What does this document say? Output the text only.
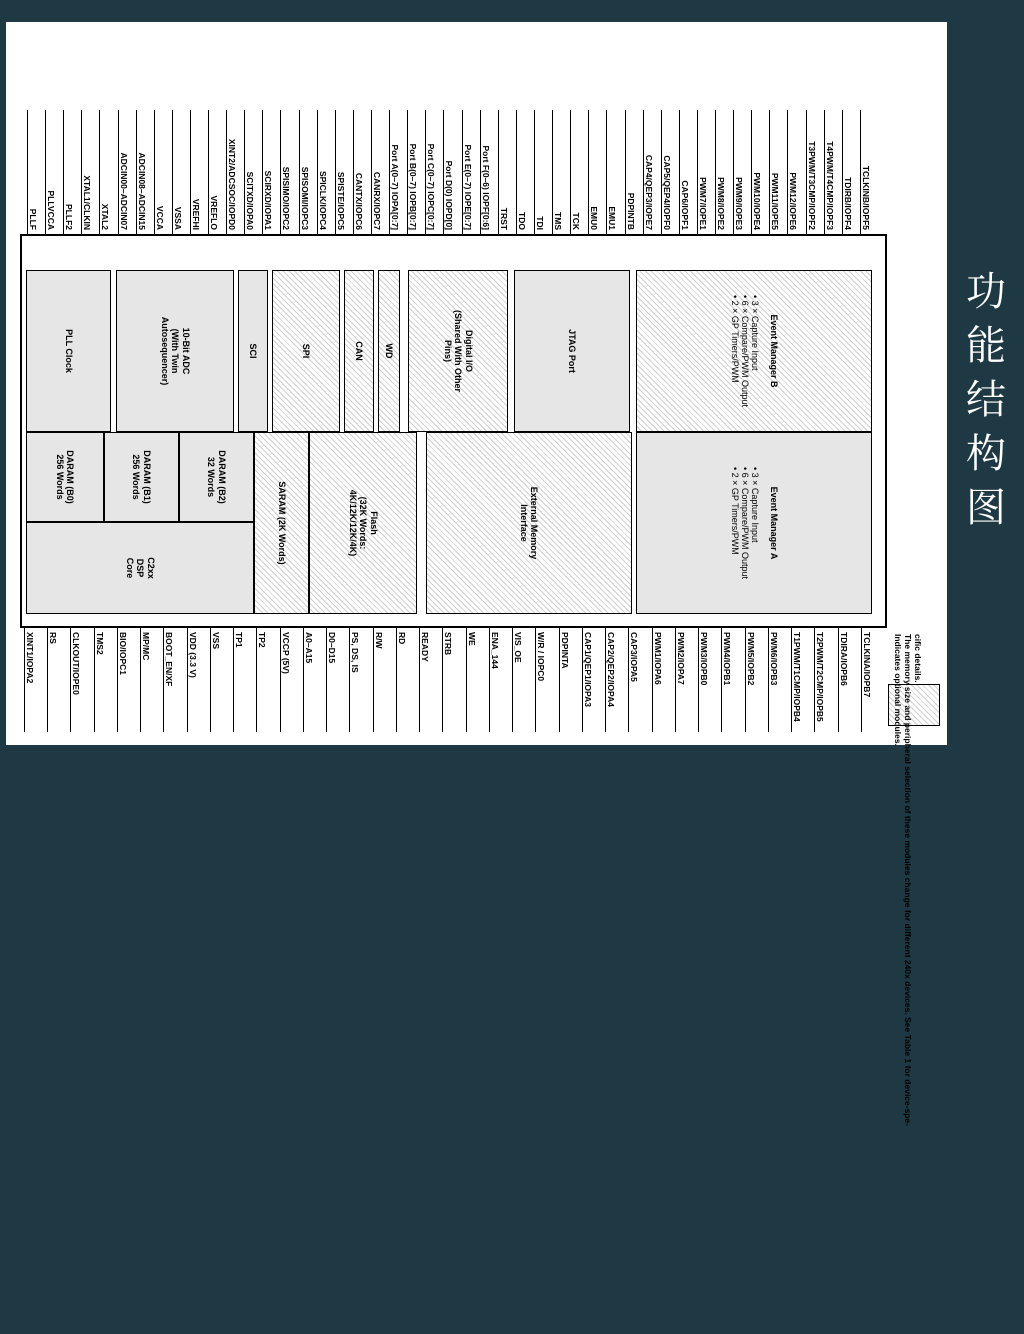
C2xx
DSP
Core
DARAM (B0)
256 Words
DARAM (B1)
256 Words
DARAM (B2)
32 Words	SARAM (2K Words)	Flash
(32K Words:
4K/12K/12K/4K)	External Memory
Interface	Event Manager A
• 3 × Capture Input
• 6 × Compare/PWM Output
• 2 × GP Timers/PWM
PLL Clock	10-Bit ADC
(With Twin
Autosequencer)	SCI	SPI	CAN WD	Digital I/O
(Shared With Other
Pins)	JTAG Port	Event Manager B
• 3 × Capture Input
• 6 × Compare/PWM Output
• 2 × GP Timers/PWM
PLLF PLLVCCA PLLF2 XTAL1/CLKIN XTAL2 ADCIN00–ADCIN07 ADCIN08–ADCIN15 VCCA VSSA VREFHI VREFLO XINT2/ADCSOC/IOPD0 SCITXD/IOPA0 SCIRXD/IOPA1 SPISIMO/IOPC2 SPISOMI/IOPC3 SPICLK/IOPC4 SPISTE/IOPC5 CANTX/IOPC6 CANRX/IOPC7 Port A(0–7) IOPA[0:7] Port B(0–7) IOPB[0:7] Port C(0–7) IOPC[0:7] Port D(0) IOPD[0] Port E(0–7) IOPE[0:7] Port F(0–6) IOPF[0:6] TRST TDO TDI TMS TCK EMU0 EMU1 PDPINTB CAP4/QEP3/IOPE7 CAP5/QEP4/IOPF0 CAP6/IOPF1 PWM7/IOPE1 PWM8/IOPE2 PWM9/IOPE3 PWM10/IOPE4 PWM11/IOPE5 PWM12/IOPE6 T3PWM/T3CMP/IOPF2 T4PWM/T4CMP/IOPF3 TDIRB/IOPF4 TCLKINB/IOPF5
XINT1/IOPA2 RS CLKOUT/IOPE0 TMS2 BIO/IOPC1 MP/MC BOOT_EN/XF VDD (3.3 V) VSS TP1 TP2 VCCP (5V) A0–A15 D0–D15 PS, DS, IS R/W RD READY STRB WE ENA_144 VIS_OE W/R / IOPC0 PDPINTA CAP1/QEP1/IOPA3 CAP2/QEP2/IOPA4 CAP3/IOPA5 PWM1/IOPA6 PWM2/IOPA7 PWM3/IOPB0 PWM4/IOPB1 PWM5/IOPB2 PWM6/IOPB3 T1PWM/T1CMP/IOPB4 T2PWM/T2CMP/IOPB5 TDIRA/IOPB6 TCLKINA/IOPB7 Indicates optional modules. The memory size and peripheral selection of these modules change for different 240x devices. See Table 1 for device-spe- cific details.
功
能
结
构
图
